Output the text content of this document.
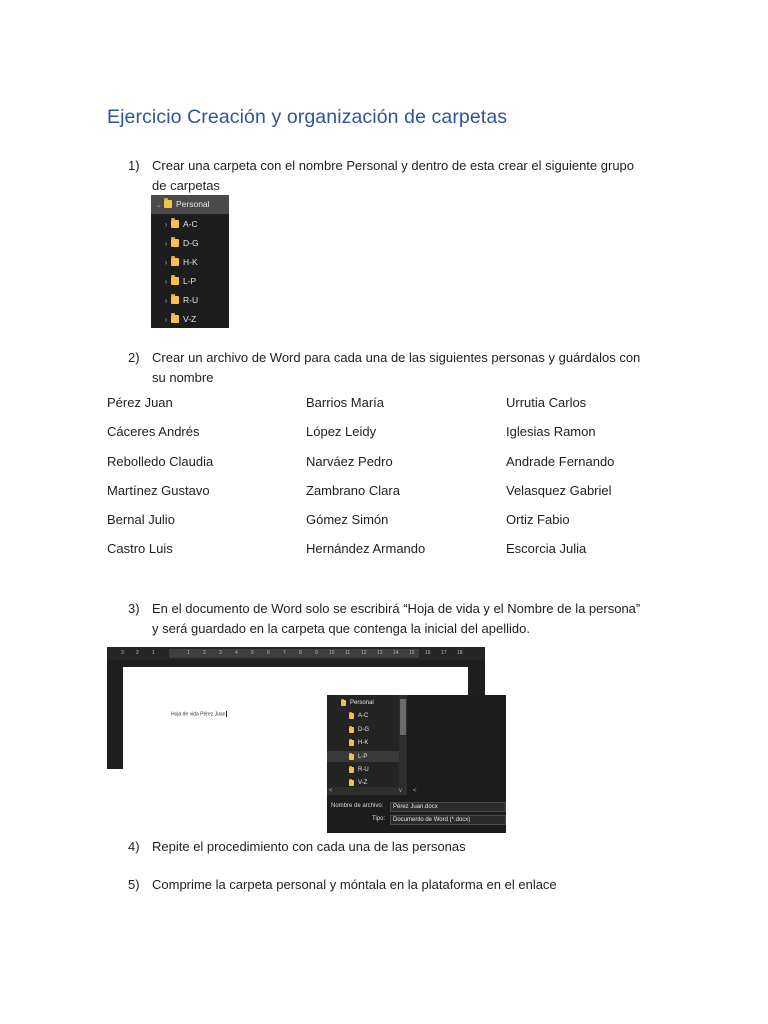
Ejercicio Creación y organización de carpetas
1) Crear una carpeta con el nombre Personal y dentro de esta crear el siguiente grupo de carpetas
⌄ Personal
›	A-C
›	D-G
›	H-K
›	L-P
›	R-U
›	V-Z
2) Crear un archivo de Word para cada una de las siguientes personas y guárdalos con su nombre
Pérez Juan	Barrios María	Urrutia Carlos
Cáceres Andrés	López Leidy	Iglesias Ramon
Rebolledo Claudia	Narváez Pedro	Andrade Fernando
Martínez Gustavo	Zambrano Clara	Velasquez Gabriel
Bernal Julio	Gómez Simón	Ortiz Fabio
Castro Luis	Hernández Armando	Escorcia Julia
3) En el documento de Word solo se escribirá “Hoja de vida y el Nombre de la persona” y será guardado en la carpeta que contenga la inicial del apellido.
3 2	1	1	2	3	4	5	6	7	8	9 10 11 12 13 14 15 16 17 18
Hoja de vida Pérez Juan
Personal
A-C
D-G
H-K
L-P
R-U
V-Z
<	v <
Nombre de archivo:	Pérez Juan.docx
Tipo:	Documento de Word (*.docx)
4) Repite el procedimiento con cada una de las personas
5) Comprime la carpeta personal y móntala en la plataforma en el enlace
